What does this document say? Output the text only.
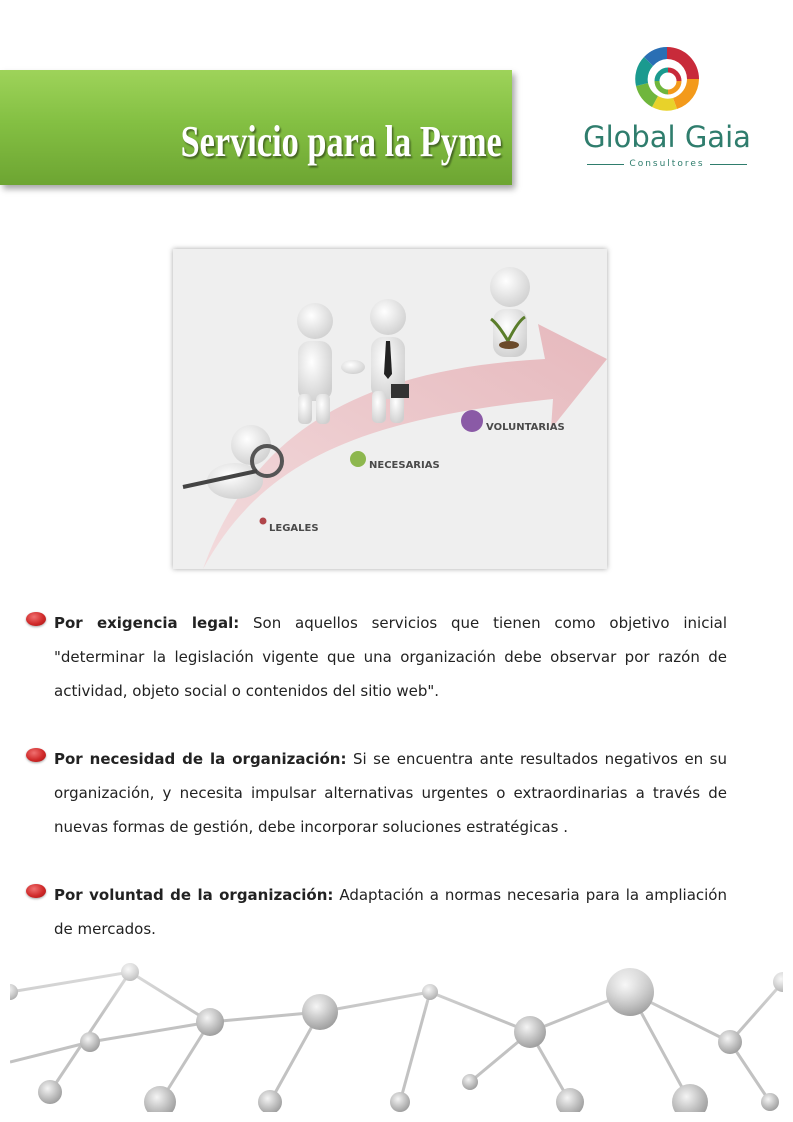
Servicio para la Pyme	Global Gaia
Consultores
LEGALES
NECESARIAS
VOLUNTARIAS

Por exigencia legal: Son aquellos servicios que tienen como objetivo inicial "determinar la legislación vigente que una organización debe observar por razón de actividad, objeto social o contenidos del sitio web".

Por necesidad de la organización: Si se encuentra ante resultados negativos en su organización, y necesita impulsar alternativas urgentes o extraordinarias a través de nuevas formas de gestión, debe incorporar soluciones estratégicas .

Por voluntad de la organización: Adaptación a normas necesaria para la ampliación de mercados.
